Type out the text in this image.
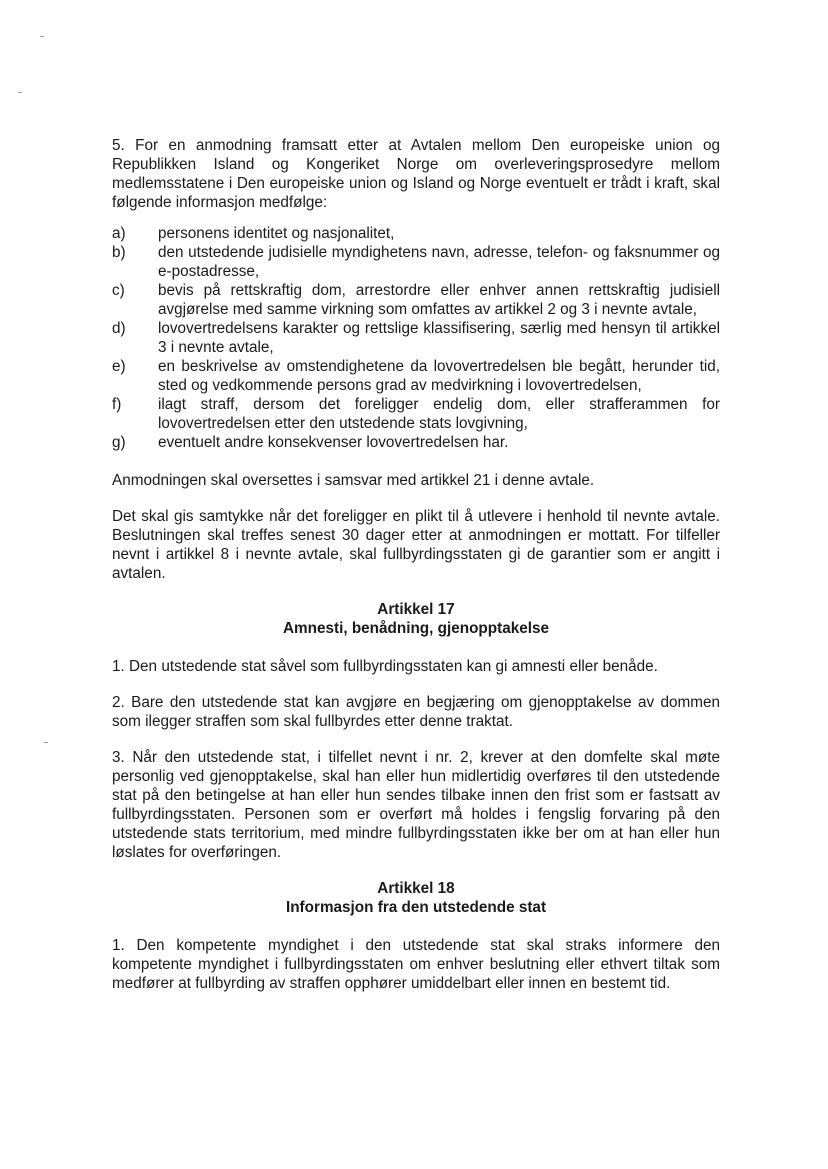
5. For en anmodning framsatt etter at Avtalen mellom Den europeiske union og Republikken Island og Kongeriket Norge om overleveringsprosedyre mellom medlemsstatene i Den europeiske union og Island og Norge eventuelt er trådt i kraft, skal følgende informasjon medfølge:

a)	personens identitet og nasjonalitet,
b)	den utstedende judisielle myndighetens navn, adresse, telefon- og faksnummer og e-postadresse,
c)	bevis på rettskraftig dom, arrestordre eller enhver annen rettskraftig judisiell avgjørelse med samme virkning som omfattes av artikkel 2 og 3 i nevnte avtale,
d)	lovovertredelsens karakter og rettslige klassifisering, særlig med hensyn til artikkel 3 i nevnte avtale,
e)	en beskrivelse av omstendighetene da lovovertredelsen ble begått, herunder tid, sted og vedkommende persons grad av medvirkning i lovovertredelsen,
f)	ilagt straff, dersom det foreligger endelig dom, eller strafferammen for lovovertredelsen etter den utstedende stats lovgivning,
g)	eventuelt andre konsekvenser lovovertredelsen har.

Anmodningen skal oversettes i samsvar med artikkel 21 i denne avtale.

Det skal gis samtykke når det foreligger en plikt til å utlevere i henhold til nevnte avtale. Beslutningen skal treffes senest 30 dager etter at anmodningen er mottatt. For tilfeller nevnt i artikkel 8 i nevnte avtale, skal fullbyrdingsstaten gi de garantier som er angitt i avtalen.

Artikkel 17
Amnesti, benådning, gjenopptakelse

1. Den utstedende stat såvel som fullbyrdingsstaten kan gi amnesti eller benåde.

2. Bare den utstedende stat kan avgjøre en begjæring om gjenopptakelse av dommen som ilegger straffen som skal fullbyrdes etter denne traktat.

3. Når den utstedende stat, i tilfellet nevnt i nr. 2, krever at den domfelte skal møte personlig ved gjenopptakelse, skal han eller hun midlertidig overføres til den utstedende stat på den betingelse at han eller hun sendes tilbake innen den frist som er fastsatt av fullbyrdingsstaten. Personen som er overført må holdes i fengslig forvaring på den utstedende stats territorium, med mindre fullbyrdingsstaten ikke ber om at han eller hun løslates for overføringen.

Artikkel 18
Informasjon fra den utstedende stat

1. Den kompetente myndighet i den utstedende stat skal straks informere den kompetente myndighet i fullbyrdingsstaten om enhver beslutning eller ethvert tiltak som medfører at fullbyrding av straffen opphører umiddelbart eller innen en bestemt tid.
